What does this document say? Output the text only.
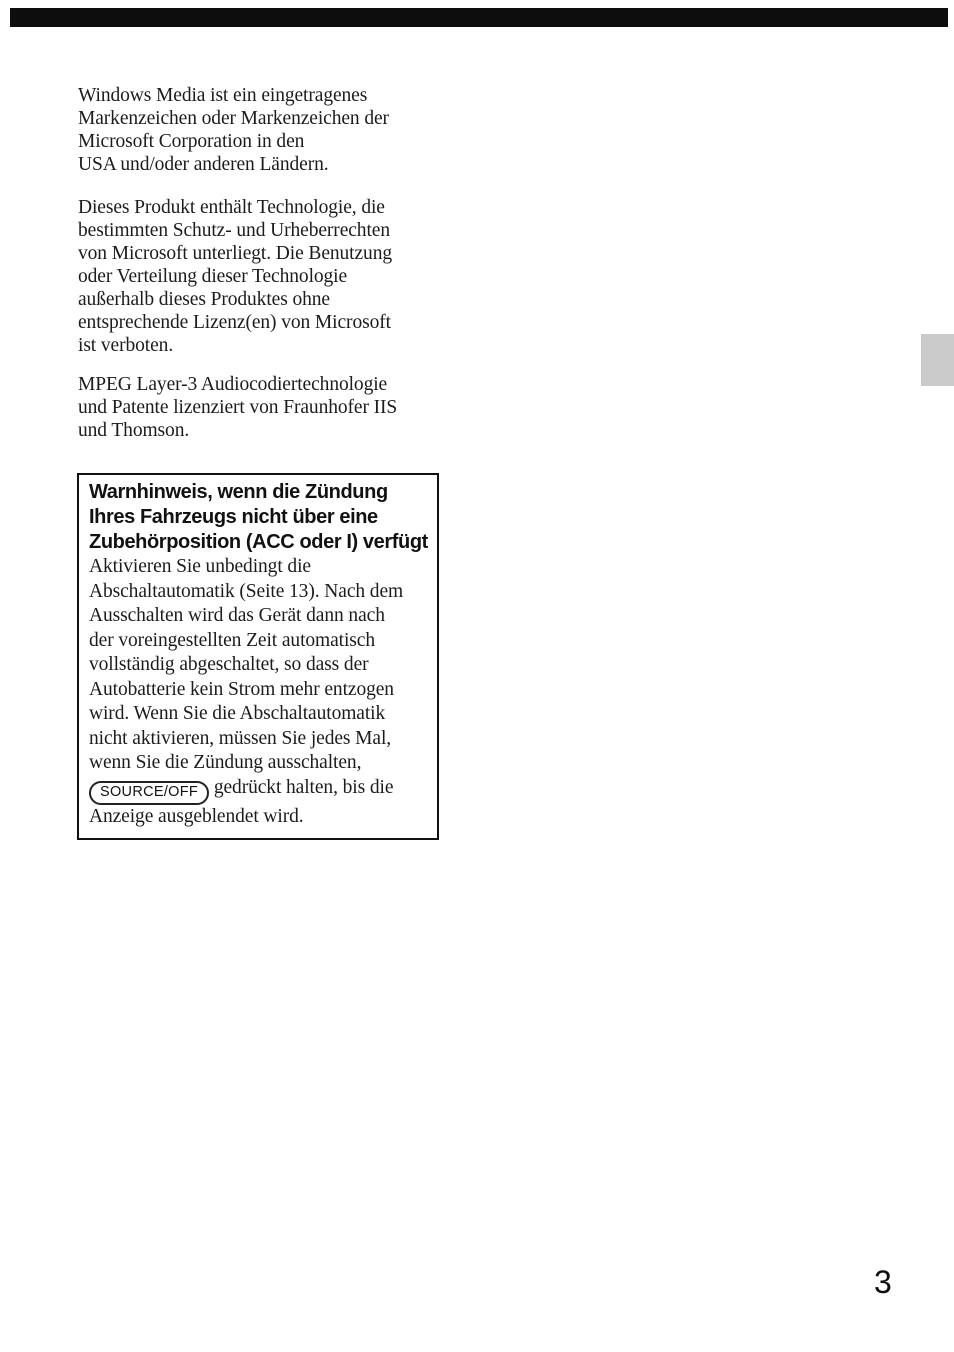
Windows Media ist ein eingetragenes
Markenzeichen oder Markenzeichen der
Microsoft Corporation in den
USA und/oder anderen Ländern.
Dieses Produkt enthält Technologie, die
bestimmten Schutz- und Urheberrechten
von Microsoft unterliegt. Die Benutzung
oder Verteilung dieser Technologie
außerhalb dieses Produktes ohne
entsprechende Lizenz(en) von Microsoft
ist verboten.
MPEG Layer-3 Audiocodiertechnologie
und Patente lizenziert von Fraunhofer IIS
und Thomson.
Warnhinweis, wenn die Zündung
Ihres Fahrzeugs nicht über eine
Zubehörposition (ACC oder I) verfügt
Aktivieren Sie unbedingt die
Abschaltautomatik (Seite 13). Nach dem
Ausschalten wird das Gerät dann nach
der voreingestellten Zeit automatisch
vollständig abgeschaltet, so dass der
Autobatterie kein Strom mehr entzogen
wird. Wenn Sie die Abschaltautomatik
nicht aktivieren, müssen Sie jedes Mal,
wenn Sie die Zündung ausschalten,
SOURCE/OFF gedrückt halten, bis die
Anzeige ausgeblendet wird.
3
